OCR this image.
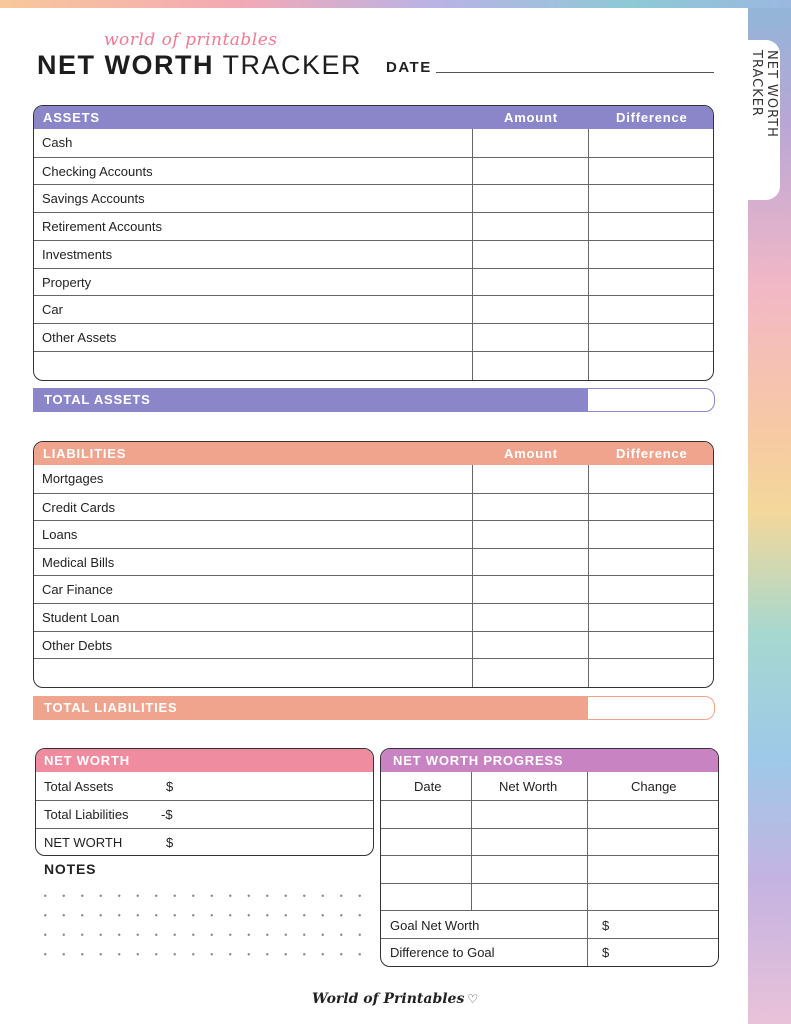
NET WORTH TRACKER
world of printables
NET WORTH TRACKER DATE
ASSETS	Amount	Difference
Cash
Checking Accounts
Savings Accounts
Retirement Accounts
Investments
Property
Car
Other Assets
TOTAL ASSETS
LIABILITIES	Amount	Difference
Mortgages
Credit Cards
Loans
Medical Bills
Car Finance
Student Loan
Other Debts
TOTAL LIABILITIES
NET WORTH
Total Assets	$
Total Liabilities -$
NET WORTH	$
NET WORTH PROGRESS
Date	Net Worth	Change
Goal Net Worth	$
Difference to Goal	$
NOTES
World of Printables ♡
